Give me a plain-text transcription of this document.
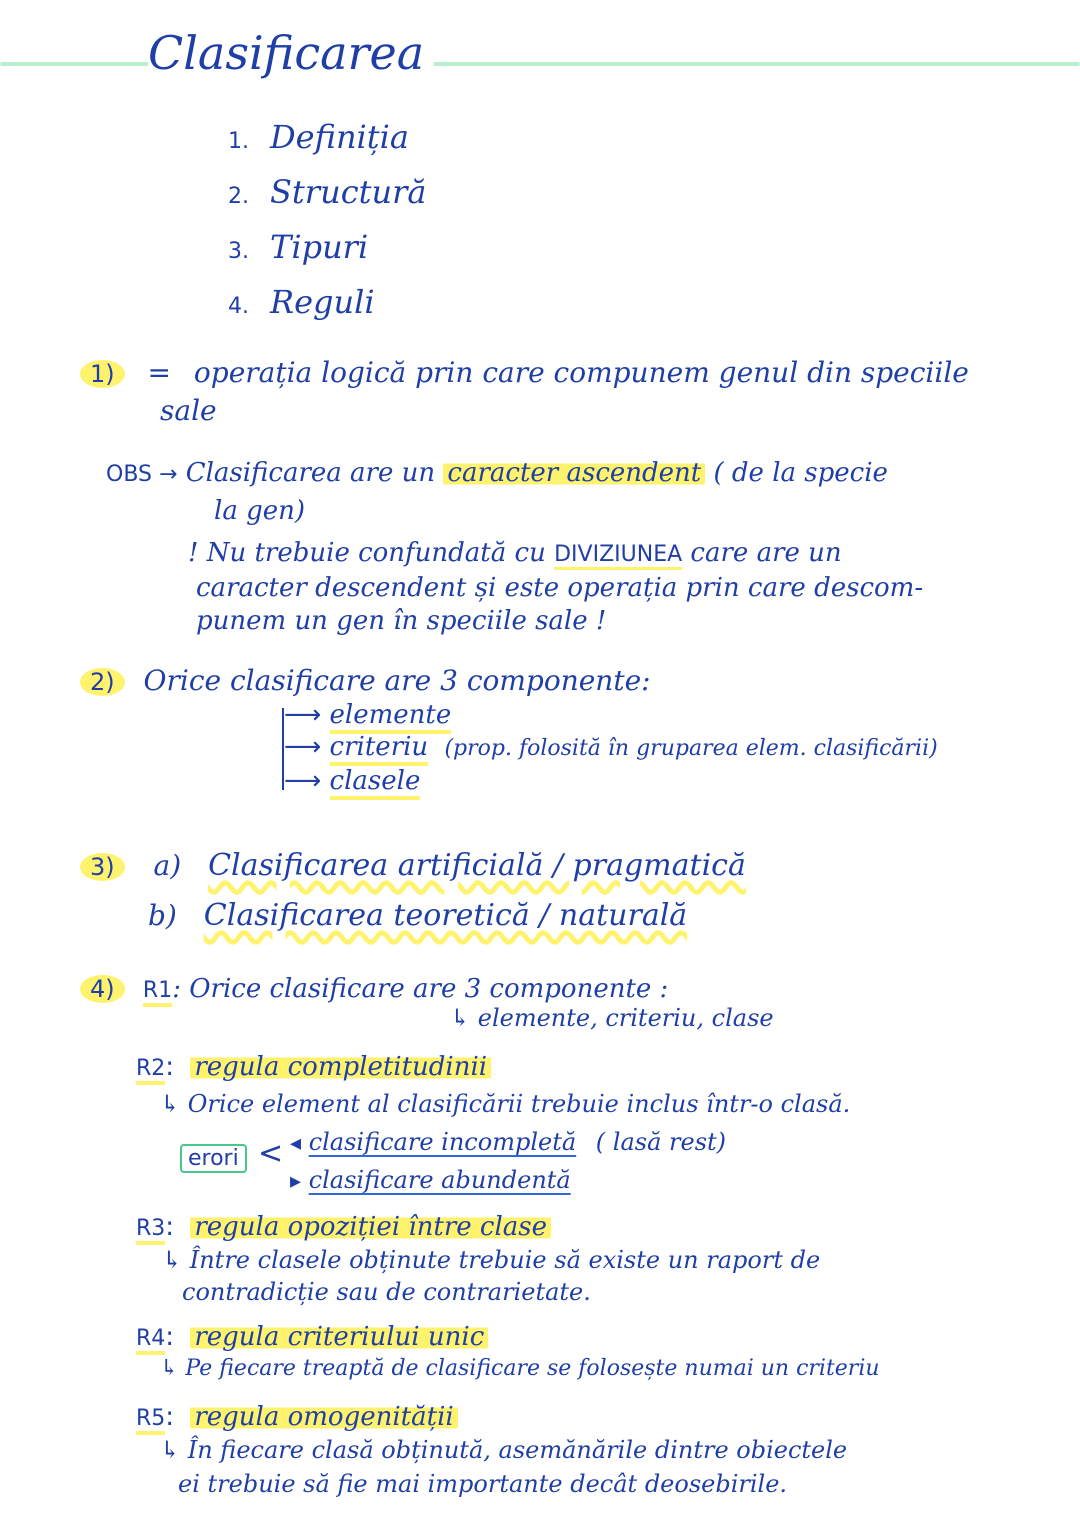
Clasificarea
1. Definiția
2. Structură
3. Tipuri
4. Reguli
1) = operația logică prin care compunem genul din speciile
sale
OBS → Clasificarea are un caracter ascendent ( de la specie
la gen)
! Nu trebuie confundată cu DIVIZIUNEA care are un
caracter descendent și este operația prin care descom-
punem un gen în speciile sale !
2) Orice clasificare are 3 componente:
⟶ elemente
⟶ criteriu (prop. folosită în gruparea elem. clasificării)
⟶ clasele
3) a) Clasificarea artificială / pragmatică
b) Clasificarea teoretică / naturală
4) R1: Orice clasificare are 3 componente :
↳ elemente, criteriu, clase
R2: regula completitudinii
↳ Orice element al clasificării trebuie inclus într-o clasă.
erori < ◂ clasificare incompletă ( lasă rest)
▸ clasificare abundentă
R3: regula opoziției între clase
↳ Între clasele obținute trebuie să existe un raport de
contradicție sau de contrarietate.
R4: regula criteriului unic
↳ Pe fiecare treaptă de clasificare se folosește numai un criteriu
R5: regula omogenității
↳ În fiecare clasă obținută, asemănările dintre obiectele
ei trebuie să fie mai importante decât deosebirile.
